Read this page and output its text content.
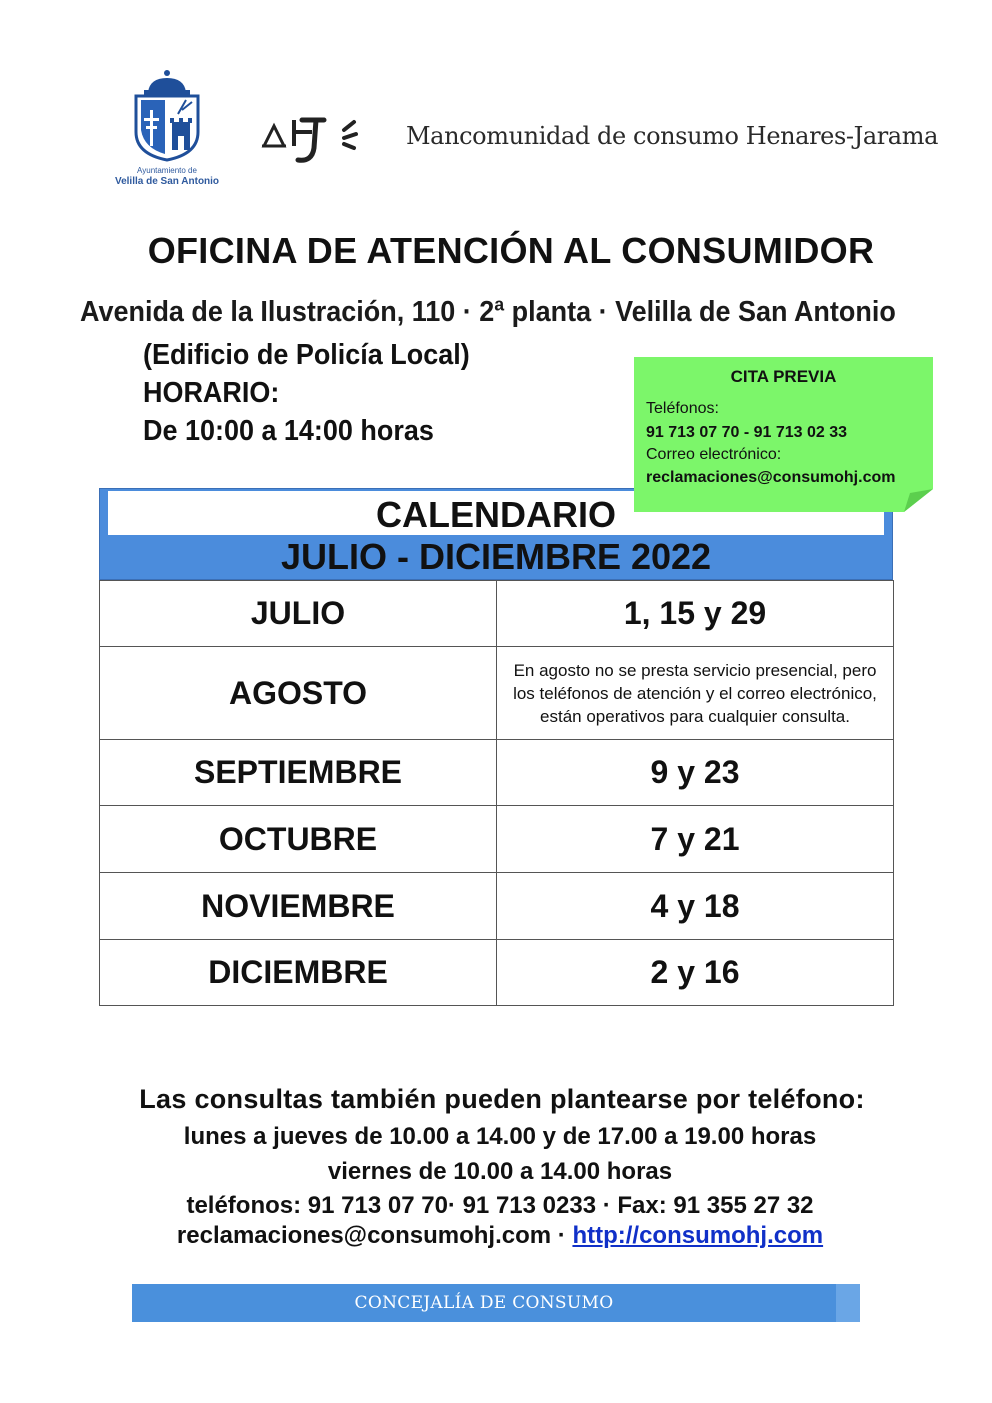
Ayuntamiento de
Velilla de San Antonio
Mancomunidad de consumo Henares-Jarama
OFICINA DE ATENCIÓN AL CONSUMIDOR
Avenida de la Ilustración, 110 · 2ª planta · Velilla de San Antonio
(Edificio de Policía Local)
HORARIO:
De 10:00 a 14:00 horas
CALENDARIO
JULIO - DICIEMBRE 2022
JULIO	1, 15 y 29
AGOSTO	En agosto no se presta servicio presencial, pero los teléfonos de atención y el correo electrónico, están operativos para cualquier consulta.
SEPTIEMBRE	9 y 23
OCTUBRE	7 y 21
NOVIEMBRE	4 y 18
DICIEMBRE	2 y 16
CITA PREVIA
Teléfonos:
91 713 07 70 - 91 713 02 33
Correo electrónico:
reclamaciones@consumohj.com
Las consultas también pueden plantearse por teléfono:
lunes a jueves de 10.00 a 14.00 y de 17.00 a 19.00 horas
viernes de 10.00 a 14.00 horas
teléfonos: 91 713 07 70· 91 713 0233 · Fax: 91 355 27 32
reclamaciones@consumohj.com · http://consumohj.com
CONCEJALÍA DE CONSUMO
